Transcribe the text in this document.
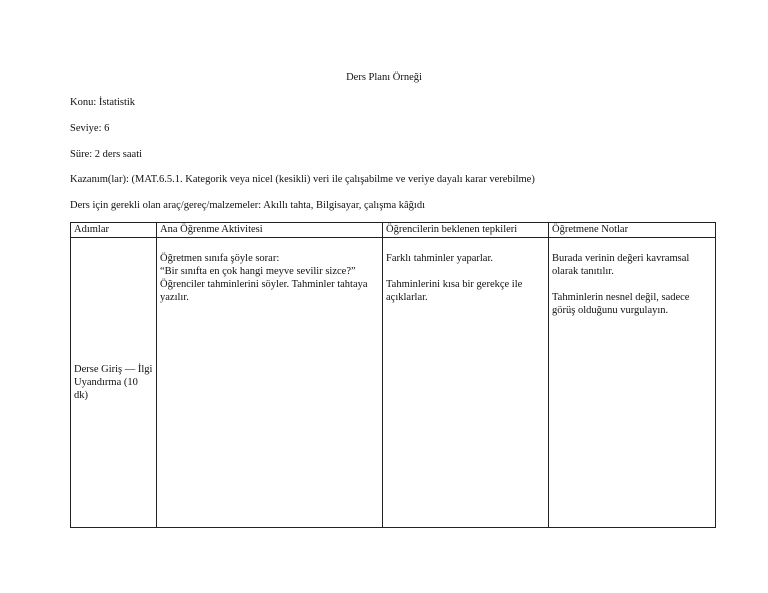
Ders Planı Örneği
Konu: İstatistik
Seviye: 6
Süre: 2 ders saati
Kazanım(lar): (MAT.6.5.1. Kategorik veya nicel (kesikli) veri ile çalışabilme ve veriye dayalı karar verebilme)
Ders için gerekli olan araç/gereç/malzemeler: Akıllı tahta, Bilgisayar, çalışma kâğıdı
Adımlar	Ana Öğrenme Aktivitesi	Öğrencilerin beklenen tepkileri	Öğretmene Notlar
Derse Giriş — İlgi Uyandırma (10 dk)	Öğretmen sınıfa şöyle sorar:
“Bir sınıfta en çok hangi meyve sevilir sizce?”
Öğrenciler tahminlerini söyler. Tahminler tahtaya yazılır.	Farklı tahminler yaparlar.
Tahminlerini kısa bir gerekçe ile açıklarlar.	Burada verinin değeri kavramsal olarak tanıtılır.
Tahminlerin nesnel değil, sadece görüş olduğunu vurgulayın.
